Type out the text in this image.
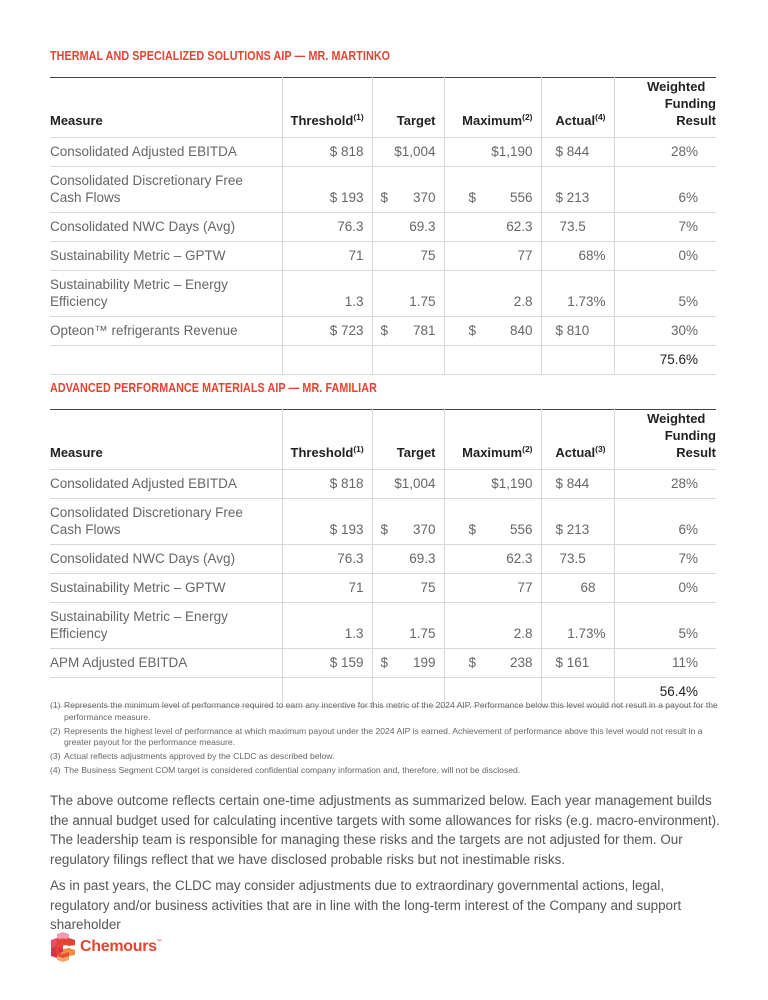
THERMAL AND SPECIALIZED SOLUTIONS AIP — MR. MARTINKO
Measure	Threshold$^{(1)}$	Target	Maximum$^{(2)}$	Actual$^{(4)}$	Weighted
Funding Result

Consolidated Adjusted EBITDA	$ 818	$1,004	$1,190	$ 844	28%
Consolidated Discretionary Free Cash Flows	$ 193	$ 370	$ 556	$ 213	6%
Consolidated NWC Days (Avg)	76.3	69.3	62.3	73.5	7%
Sustainability Metric – GPTW	71	75	77	68%	0%
Sustainability Metric – Energy Efficiency	1.3	1.75	2.8	1.73%	5%
Opteon™ refrigerants Revenue	$ 723	$ 781	$ 840	$ 810	30%
					75.6%
ADVANCED PERFORMANCE MATERIALS AIP — MR. FAMILIAR
Measure	Threshold$^{(1)}$	Target	Maximum$^{(2)}$	Actual$^{(3)}$	Weighted
Funding Result

Consolidated Adjusted EBITDA	$ 818	$1,004	$1,190	$ 844	28%
Consolidated Discretionary Free Cash Flows	$ 193	$ 370	$ 556	$ 213	6%
Consolidated NWC Days (Avg)	76.3	69.3	62.3	73.5	7%
Sustainability Metric – GPTW	71	75	77	68	0%
Sustainability Metric – Energy Efficiency	1.3	1.75	2.8	1.73%	5%
APM Adjusted EBITDA	$ 159	$ 199	$ 238	$ 161	11%
					56.4%
(1) Represents the minimum level of performance required to earn any incentive for this metric of the 2024 AIP. Performance below this level would not result in a payout for the performance measure.
(2) Represents the highest level of performance at which maximum payout under the 2024 AIP is earned. Achievement of performance above this level would not result in a greater payout for the performance measure.
(3) Actual reflects adjustments approved by the CLDC as described below.
(4) The Business Segment COM target is considered confidential company information and, therefore, will not be disclosed.
The above outcome reflects certain one-time adjustments as summarized below. Each year management builds the annual budget used for calculating incentive targets with some allowances for risks (e.g. macro-environment). The leadership team is responsible for managing these risks and the targets are not adjusted for them. Our regulatory filings reflect that we have disclosed probable risks but not inestimable risks.
As in past years, the CLDC may consider adjustments due to extraordinary governmental actions, legal, regulatory and/or business activities that are in line with the long-term interest of the Company and support shareholder
Chemours™
